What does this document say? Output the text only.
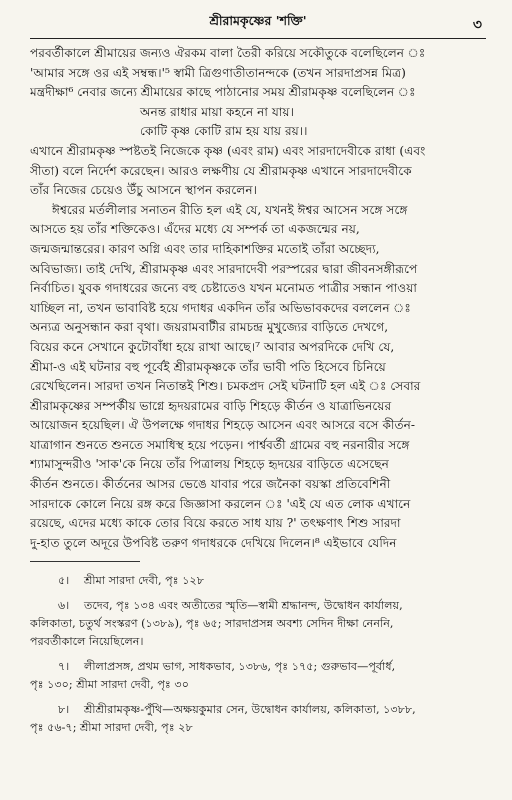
শ্রীরামকৃষ্ণের 'শক্তি'	৩
পরবর্তীকালে শ্রীমায়ের জন্যও ঐরকম বালা তৈরী করিয়ে সকৌতুকে বলেছিলেন ঃ
'আমার সঙ্গে ওর এই সম্বন্ধ।'⁵ স্বামী ত্রিগুণাতীতানন্দকে (তখন সারদাপ্রসন্ন মিত্র)
মন্ত্রদীক্ষা⁶ নেবার জন্যে শ্রীমায়ের কাছে পাঠানোর সময় শ্রীরামকৃষ্ণ বলেছিলেন ঃ
অনন্ত রাধার মায়া কহনে না যায়।
কোটি কৃষ্ণ কোটি রাম হয় যায় রয়।।
এখানে শ্রীরামকৃষ্ণ স্পষ্টতই নিজেকে কৃষ্ণ (এবং রাম) এবং সারদাদেবীকে রাধা (এবং
সীতা) বলে নির্দেশ করেছেন। আরও লক্ষণীয় যে শ্রীরামকৃষ্ণ এখানে সারদাদেবীকে
তাঁর নিজের চেয়েও উঁচু আসনে স্থাপন করলেন।
ঈশ্বরের মর্তলীলার সনাতন রীতি হল এই যে, যখনই ঈশ্বর আসেন সঙ্গে সঙ্গে
আসতে হয় তাঁর শক্তিকেও। এঁদের মধ্যে যে সম্পর্ক তা একজন্মের নয়,
জন্মজন্মান্তরের। কারণ অগ্নি এবং তার দাহিকাশক্তির মতোই তাঁরা অচ্ছেদ্য,
অবিভাজ্য। তাই দেখি, শ্রীরামকৃষ্ণ এবং সারদাদেবী পরস্পরের দ্বারা জীবনসঙ্গীরূপে
নির্বাচিত। যুবক গদাধরের জন্যে বহু চেষ্টাতেও যখন মনোমত পাত্রীর সন্ধান পাওয়া
যাচ্ছিল না, তখন ভাবাবিষ্ট হয়ে গদাধর একদিন তাঁর অভিভাবকদের বললেন ঃ
অন্যত্র অনুসন্ধান করা বৃথা। জয়রামবাটীর রামচন্দ্র মুখুজ্যের বাড়িতে দেখগে,
বিয়ের কনে সেখানে কুটোবাঁধা হয়ে রাখা আছে।⁷ আবার অপরদিকে দেখি যে,
শ্রীমা-ও এই ঘটনার বহু পূর্বেই শ্রীরামকৃষ্ণকে তাঁর ভাবী পতি হিসেবে চিনিয়ে
রেখেছিলেন। সারদা তখন নিতান্তই শিশু। চমকপ্রদ সেই ঘটনাটি হল এই ঃ সেবার
শ্রীরামকৃষ্ণের সম্পর্কীয় ভাগ্নে হৃদয়রামের বাড়ি শিহড়ে কীর্তন ও যাত্রাভিনয়ের
আয়োজন হয়েছিল। ঐ উপলক্ষে গদাধর শিহড়ে আসেন এবং আসরে বসে কীর্তন-
যাত্রাগান শুনতে শুনতে সমাধিস্থ হয়ে পড়েন। পার্শ্ববর্তী গ্রামের বহু নরনারীর সঙ্গে
শ্যামাসুন্দরীও 'সাক'কে নিয়ে তাঁর পিত্রালয় শিহড়ে হৃদয়ের বাড়িতে এসেছেন
কীর্তন শুনতে। কীর্তনের আসর ভেঙে যাবার পরে জনৈকা বয়স্কা প্রতিবেশিনী
সারদাকে কোলে নিয়ে রঙ্গ করে জিজ্ঞাসা করলেন ঃ 'এই যে এত লোক এখানে
রয়েছে, এদের মধ্যে কাকে তোর বিয়ে করতে সাধ যায় ?' তৎক্ষণাৎ শিশু সারদা
দু-হাত তুলে অদূরে উপবিষ্ট তরুণ গদাধরকে দেখিয়ে দিলেন।⁸ এইভাবে যেদিন
৫। শ্রীমা সারদা দেবী, পৃঃ ১২৮
৬। তদেব, পৃঃ ১৩৪ এবং অতীতের স্মৃতি—স্বামী শ্রদ্ধানন্দ, উদ্বোধন কার্যালয়,
কলিকাতা, চতুর্থ সংস্করণ (১৩৮৯), পৃঃ ৬৫; সারদাপ্রসন্ন অবশ্য সেদিন দীক্ষা নেননি,
পরবর্তীকালে নিয়েছিলেন।
৭। লীলাপ্রসঙ্গ, প্রথম ভাগ, সাধকভাব, ১৩৮৬, পৃঃ ১৭৫; গুরুভাব—পূর্বার্ধ,
পৃঃ ১৩০; শ্রীমা সারদা দেবী, পৃঃ ৩০
৮। শ্রীশ্রীরামকৃষ্ণ-পুঁথি—অক্ষয়কুমার সেন, উদ্বোধন কার্যালয়, কলিকাতা, ১৩৮৮,
পৃঃ ৫৬-৭; শ্রীমা সারদা দেবী, পৃঃ ২৮
